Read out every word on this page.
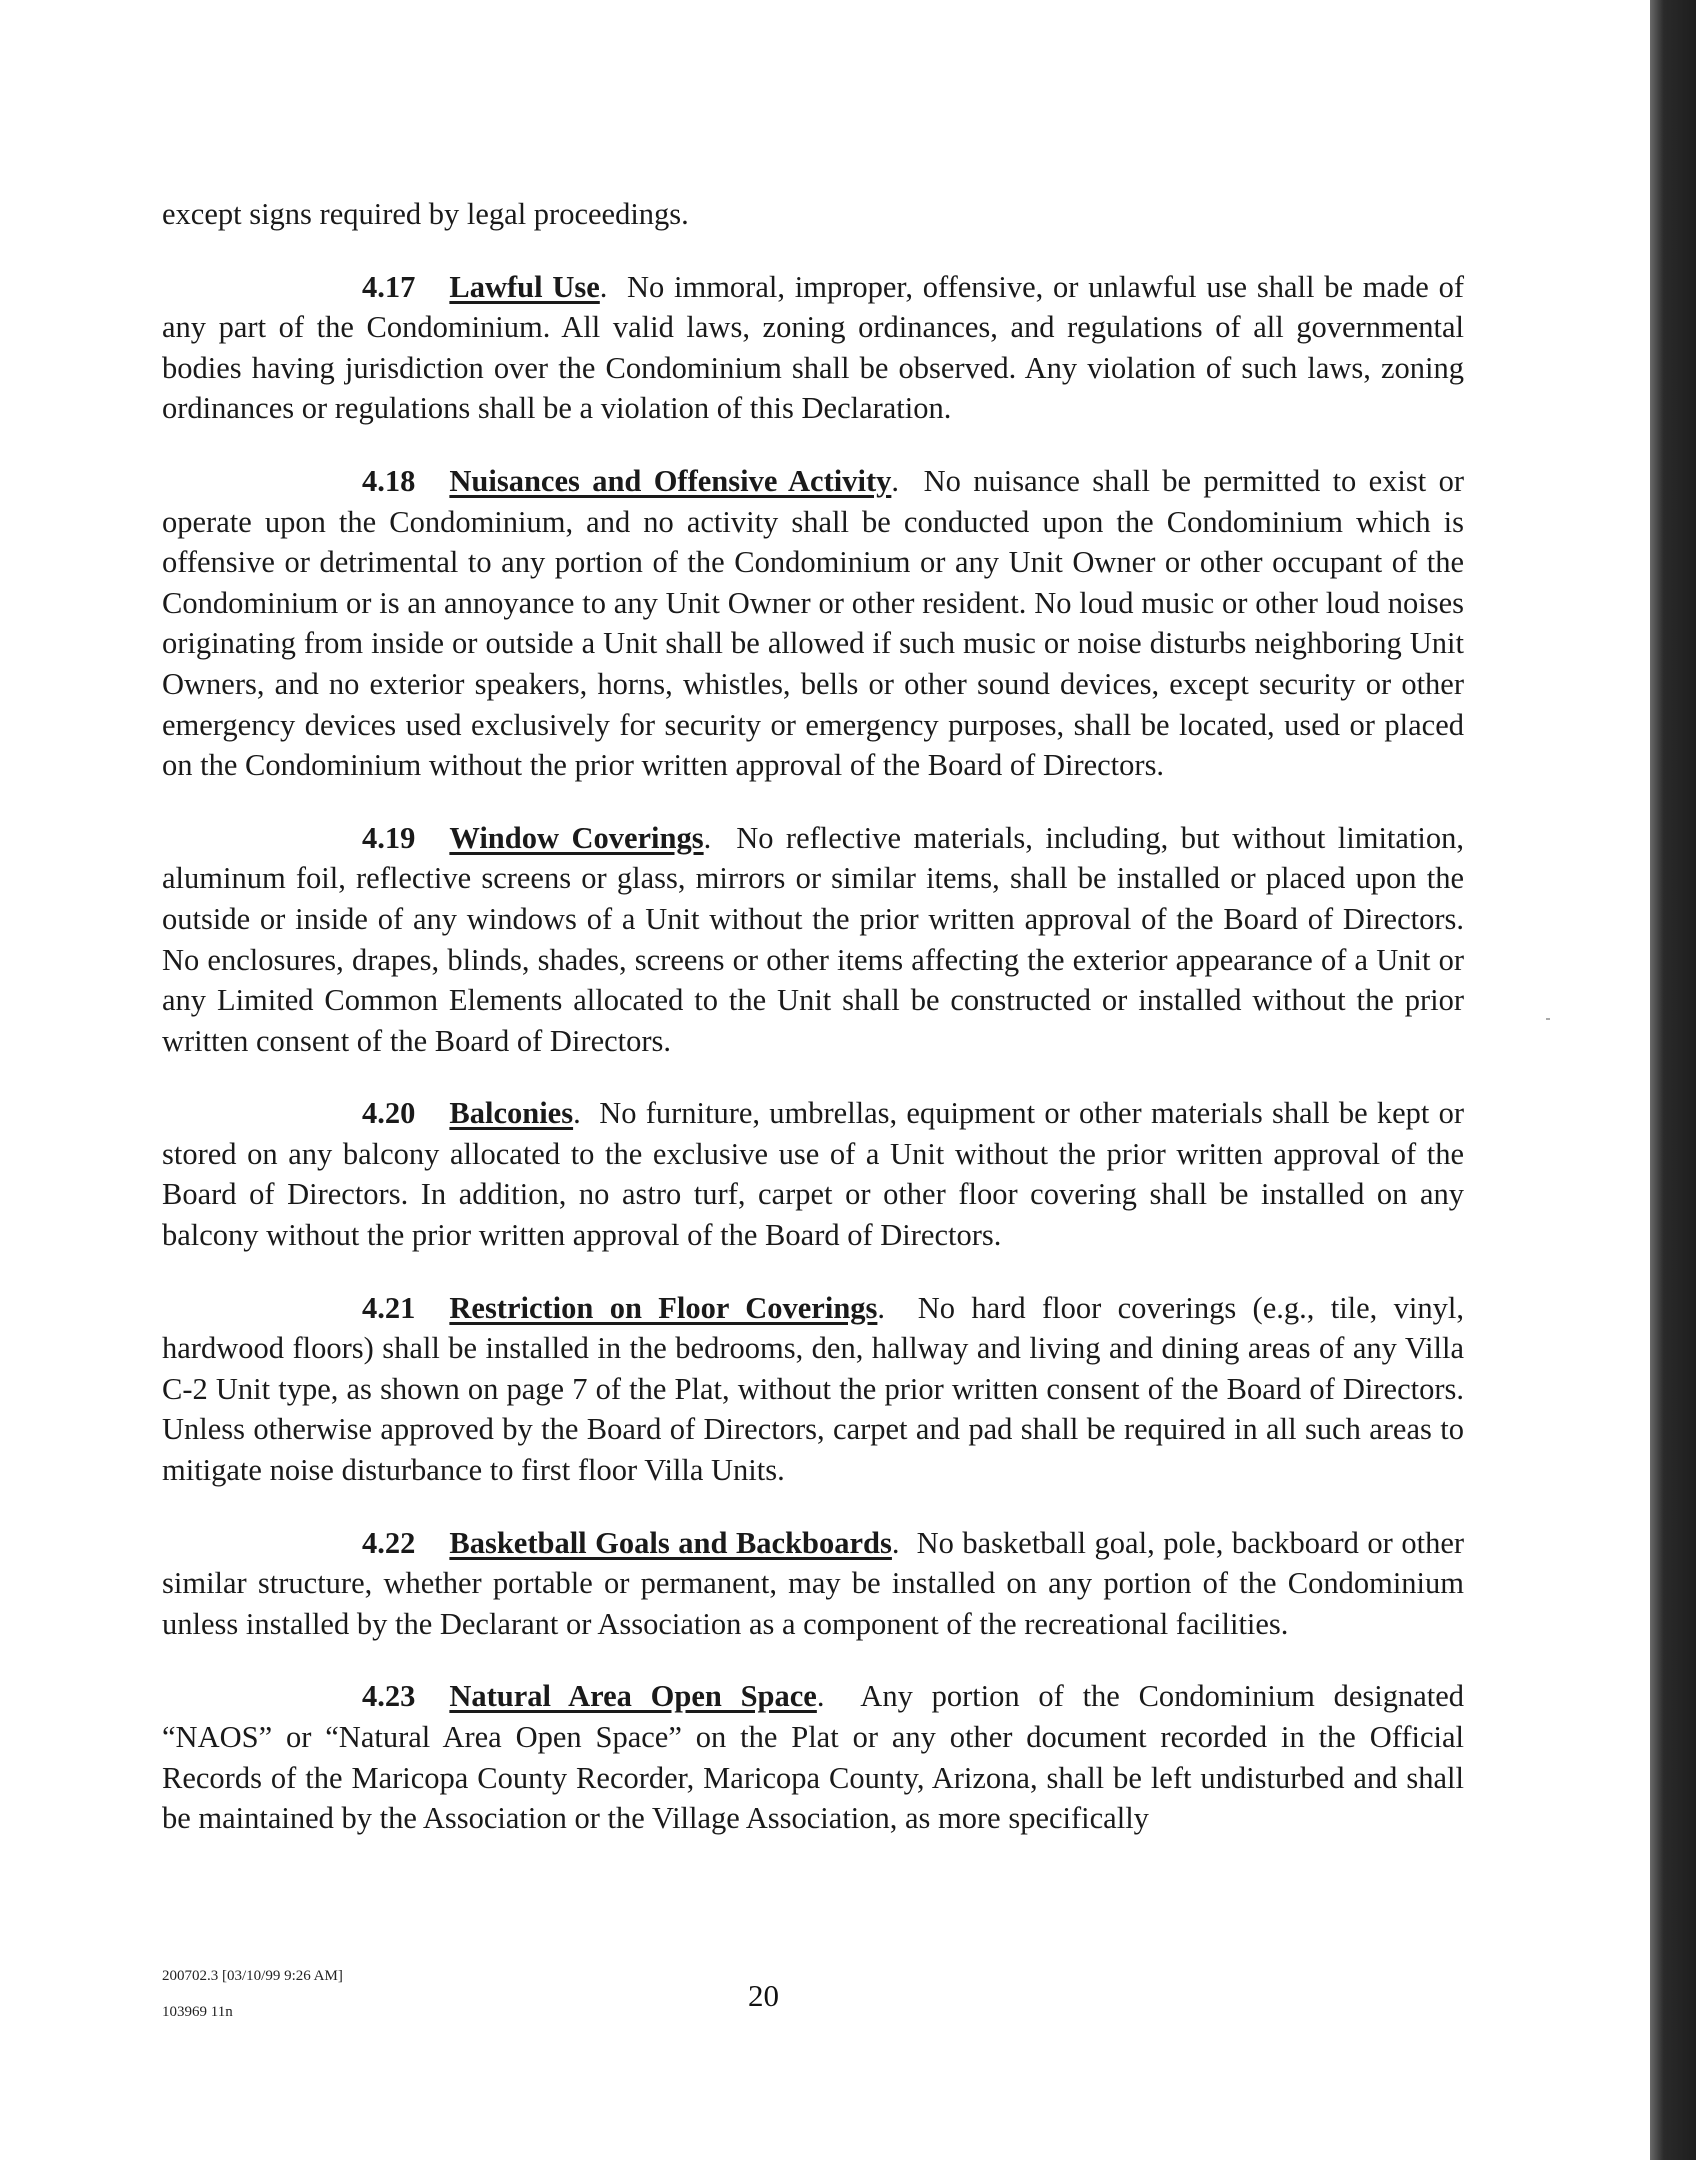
except signs required by legal proceedings.

4.17 Lawful Use. No immoral, improper, offensive, or unlawful use shall be made of any part of the Condominium. All valid laws, zoning ordinances, and regulations of all governmental bodies having jurisdiction over the Condominium shall be observed. Any violation of such laws, zoning ordinances or regulations shall be a violation of this Declaration.

4.18 Nuisances and Offensive Activity. No nuisance shall be permitted to exist or operate upon the Condominium, and no activity shall be conducted upon the Condominium which is offensive or detrimental to any portion of the Condominium or any Unit Owner or other occupant of the Condominium or is an annoyance to any Unit Owner or other resident. No loud music or other loud noises originating from inside or outside a Unit shall be allowed if such music or noise disturbs neighboring Unit Owners, and no exterior speakers, horns, whistles, bells or other sound devices, except security or other emergency devices used exclusively for security or emergency purposes, shall be located, used or placed on the Condominium without the prior written approval of the Board of Directors.

4.19 Window Coverings. No reflective materials, including, but without limitation, aluminum foil, reflective screens or glass, mirrors or similar items, shall be installed or placed upon the outside or inside of any windows of a Unit without the prior written approval of the Board of Directors. No enclosures, drapes, blinds, shades, screens or other items affecting the exterior appearance of a Unit or any Limited Common Elements allocated to the Unit shall be constructed or installed without the prior written consent of the Board of Directors.

4.20 Balconies. No furniture, umbrellas, equipment or other materials shall be kept or stored on any balcony allocated to the exclusive use of a Unit without the prior written approval of the Board of Directors. In addition, no astro turf, carpet or other floor covering shall be installed on any balcony without the prior written approval of the Board of Directors.

4.21 Restriction on Floor Coverings. No hard floor coverings (e.g., tile, vinyl, hardwood floors) shall be installed in the bedrooms, den, hallway and living and dining areas of any Villa C-2 Unit type, as shown on page 7 of the Plat, without the prior written consent of the Board of Directors. Unless otherwise approved by the Board of Directors, carpet and pad shall be required in all such areas to mitigate noise disturbance to first floor Villa Units.

4.22 Basketball Goals and Backboards. No basketball goal, pole, backboard or other similar structure, whether portable or permanent, may be installed on any portion of the Condominium unless installed by the Declarant or Association as a component of the recreational facilities.

4.23 Natural Area Open Space. Any portion of the Condominium designated “NAOS” or “Natural Area Open Space” on the Plat or any other document recorded in the Official Records of the Maricopa County Recorder, Maricopa County, Arizona, shall be left undisturbed and shall be maintained by the Association or the Village Association, as more specifically

200702.3 [03/10/99 9:26 AM]
103969 11n	20
